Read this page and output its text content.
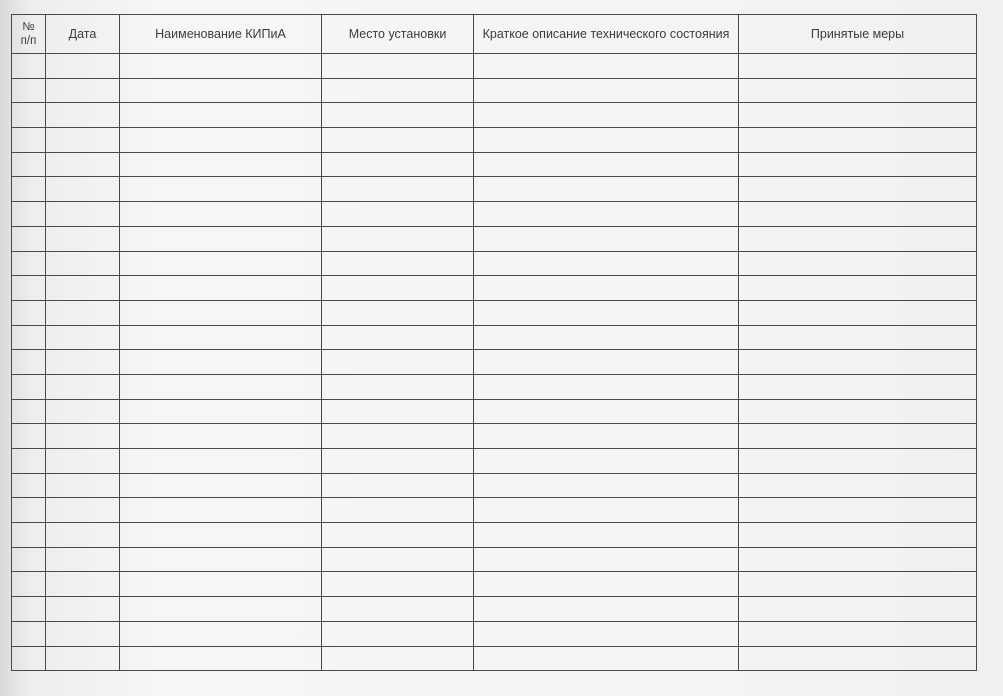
№
п/п	Дата	Наименование КИПиА	Место установки	Краткое описание технического состояния	Принятые меры
